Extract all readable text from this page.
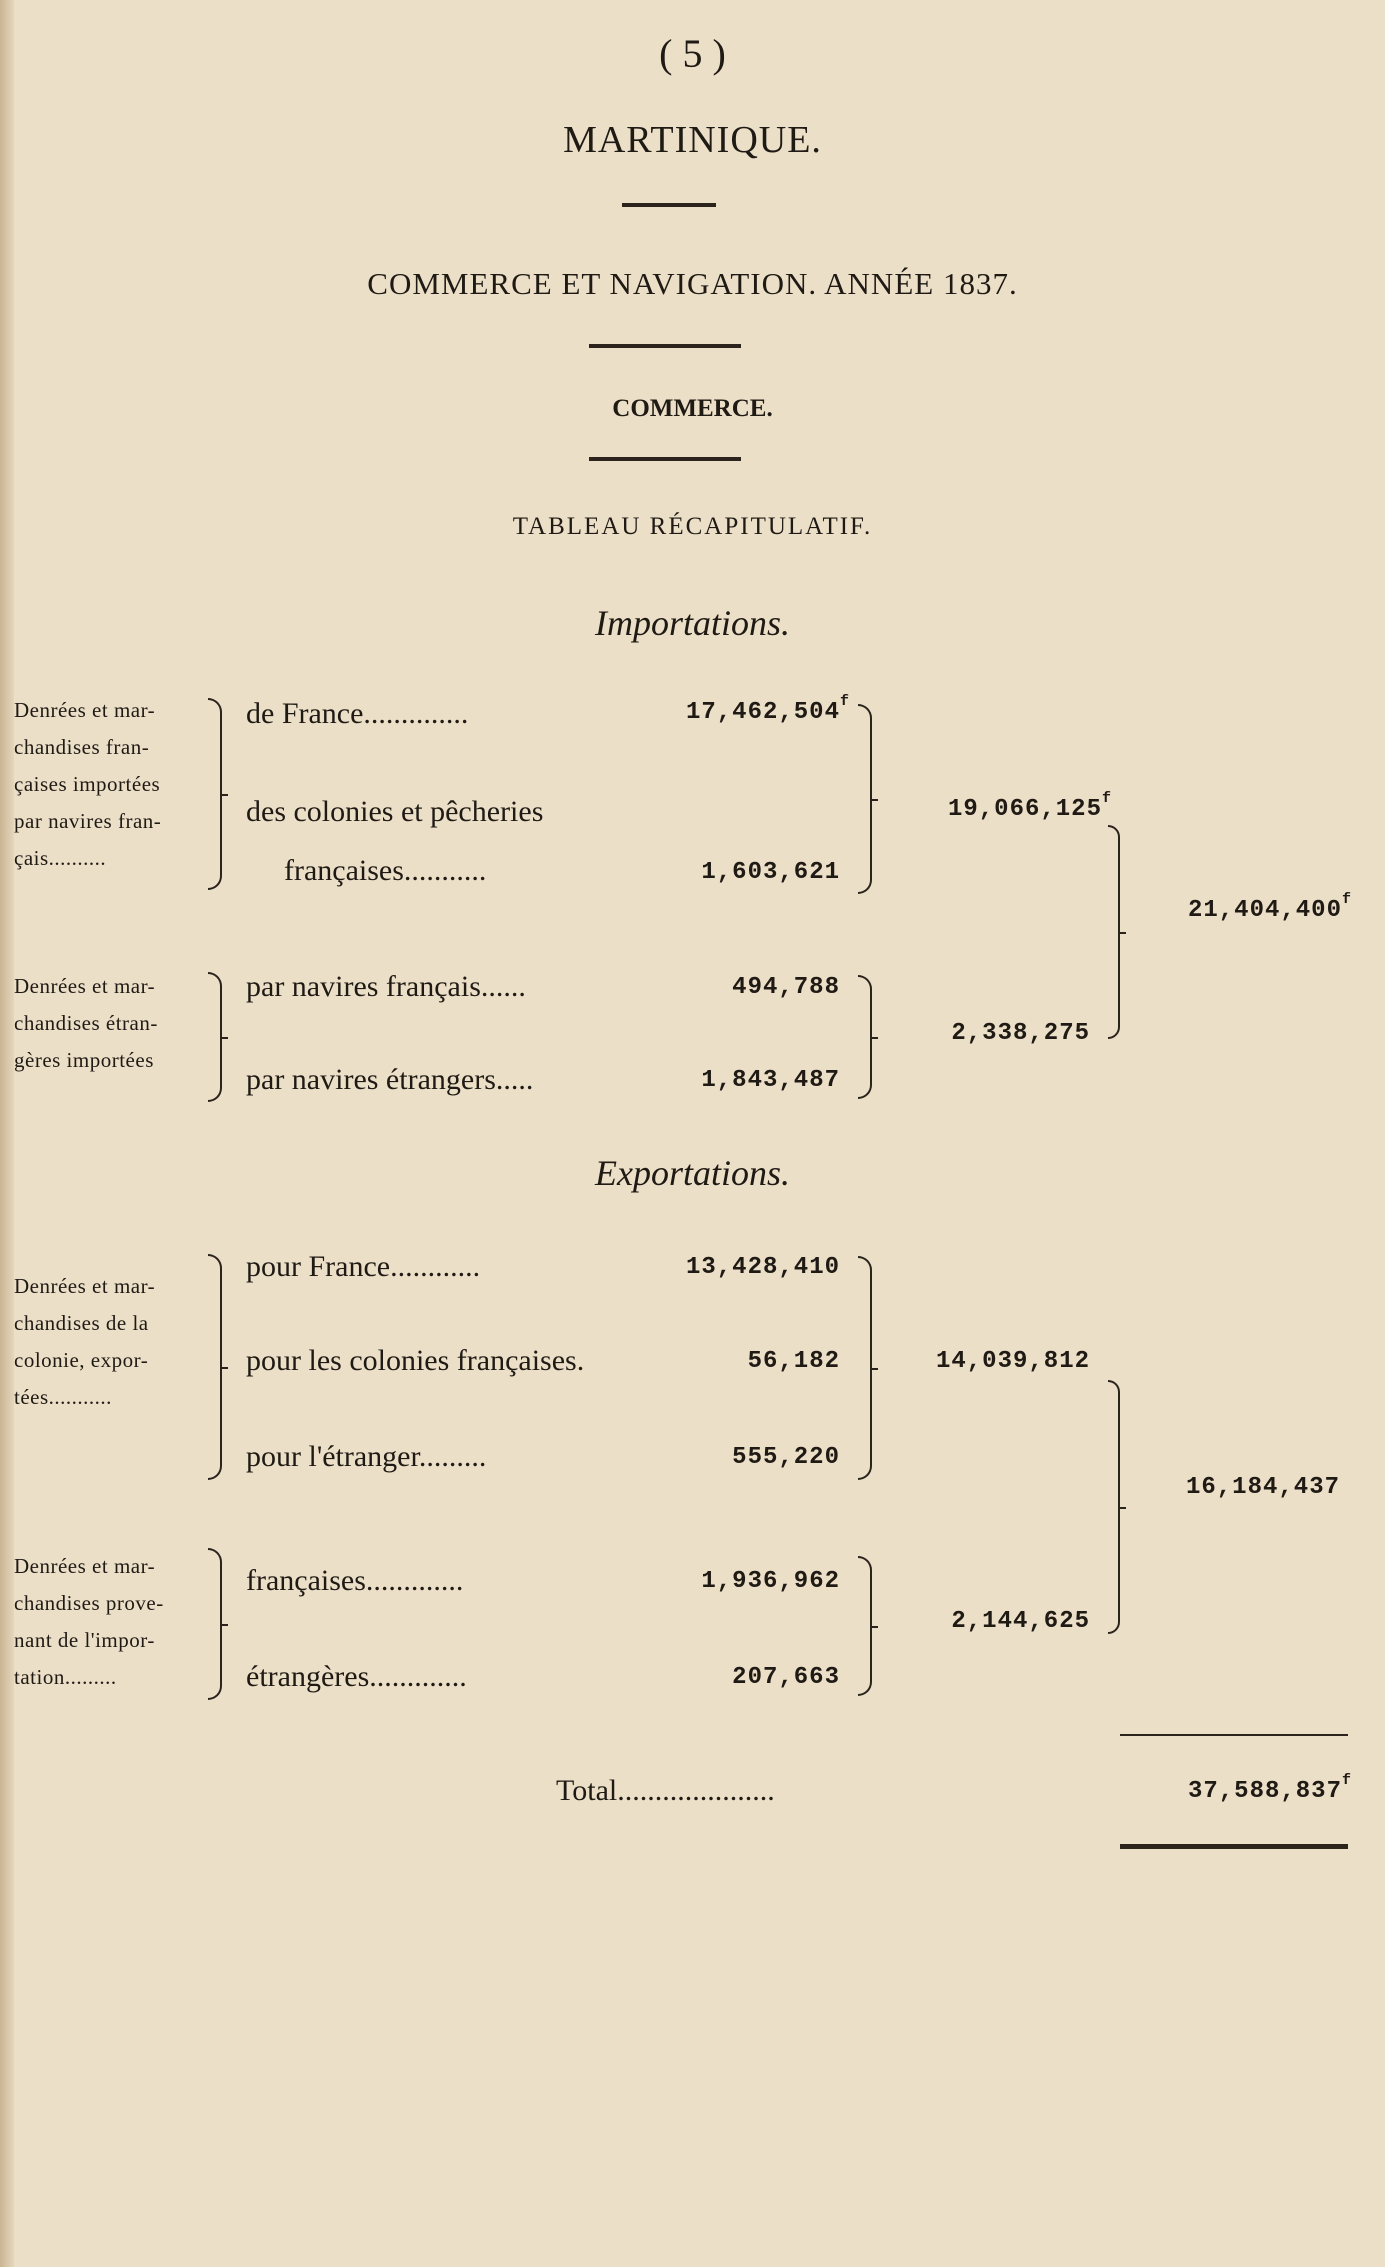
( 5 )
MARTINIQUE.
COMMERCE ET NAVIGATION. ANNÉE 1837.
COMMERCE.
TABLEAU RÉCAPITULATIF.
Importations.
Denrées et mar-
chandises fran-
çaises importées
par navires fran-
çais..........
de France..............	17,462,504$^f$
des colonies et pêcheries
françaises...........	1,603,621
19,066,125$^f$
Denrées et mar-
chandises étran-
gères importées
par navires français......	494,788
par navires étrangers.....	1,843,487
2,338,275
21,404,400$^f$
Exportations.
Denrées et mar-
chandises de la
colonie, expor-
tées...........
pour France............	13,428,410
pour les colonies françaises.	56,182
pour l'étranger.........	555,220
14,039,812
Denrées et mar-
chandises prove-
nant de l'impor-
tation.........
françaises.............	1,936,962
étrangères.............	207,663
2,144,625
16,184,437
Total.....................	37,588,837$^f$
